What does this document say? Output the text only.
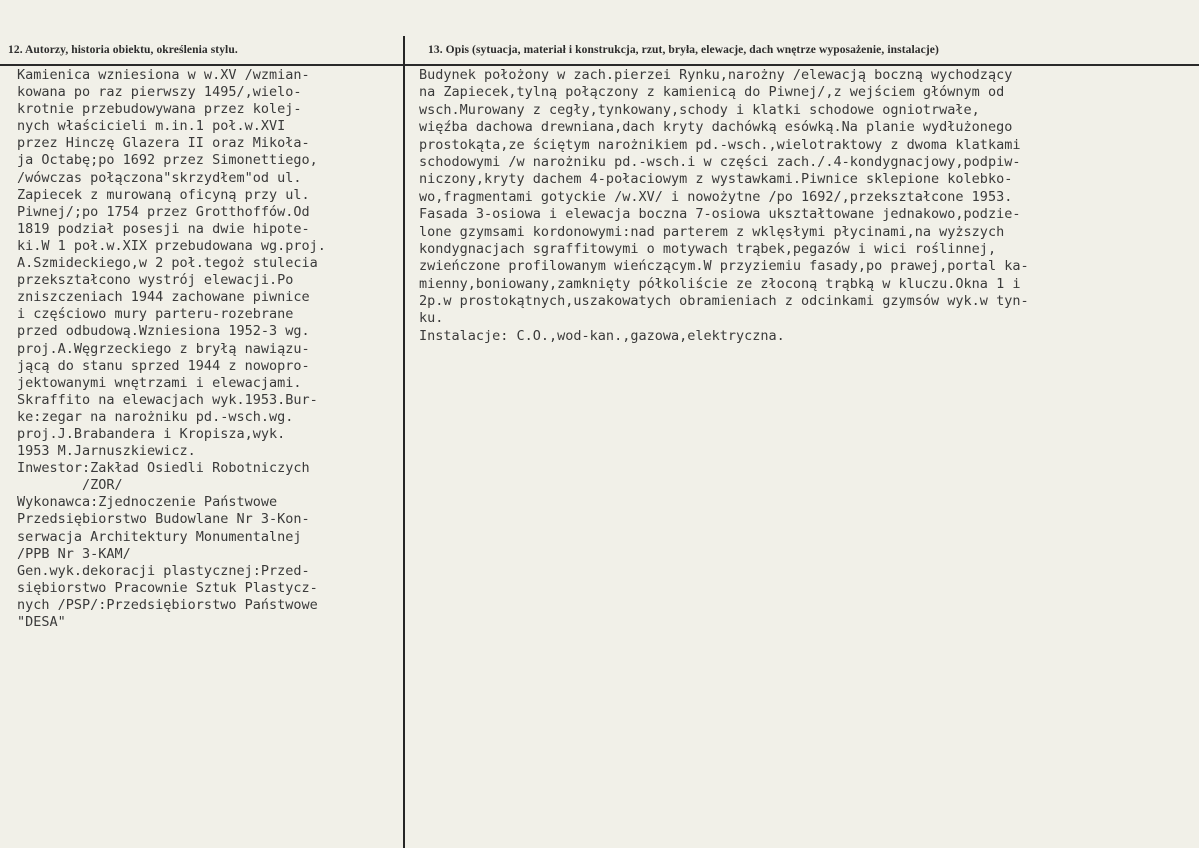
12. Autorzy, historia obiektu, określenia stylu.	13. Opis (sytuacja, materiał i konstrukcja, rzut, bryła, elewacje, dach wnętrze wyposażenie, instalacje)
Kamienica wzniesiona w w.XV /wzmian-
kowana po raz pierwszy 1495/,wielo-
krotnie przebudowywana przez kolej-
nych właścicieli m.in.1 poł.w.XVI
przez Hinczę Glazera II oraz Mikoła-
ja Octabę;po 1692 przez Simonettiego,
/wówczas połączona"skrzydłem"od ul.
Zapiecek z murowaną oficyną przy ul.
Piwnej/;po 1754 przez Grotthoffów.Od
1819 podział posesji na dwie hipote-
ki.W 1 poł.w.XIX przebudowana wg.proj.
A.Szmideckiego,w 2 poł.tegoż stulecia
przekształcono wystrój elewacji.Po
zniszczeniach 1944 zachowane piwnice
i częściowo mury parteru-rozebrane
przed odbudową.Wzniesiona 1952-3 wg.
proj.A.Węgrzeckiego z bryłą nawiązu-
jącą do stanu sprzed 1944 z nowopro-
jektowanymi wnętrzami i elewacjami.
Skraffito na elewacjach wyk.1953.Bur-
ke:zegar na narożniku pd.-wsch.wg.
proj.J.Brabandera i Kropisza,wyk.
1953 M.Jarnuszkiewicz.
Inwestor:Zakład Osiedli Robotniczych
/ZOR/
Wykonawca:Zjednoczenie Państwowe
Przedsiębiorstwo Budowlane Nr 3-Kon-
serwacja Architektury Monumentalnej
/PPB Nr 3-KAM/
Gen.wyk.dekoracji plastycznej:Przed-
siębiorstwo Pracownie Sztuk Plastycz-
nych /PSP/:Przedsiębiorstwo Państwowe
"DESA"
Budynek położony w zach.pierzei Rynku,narożny /elewacją boczną wychodzący
na Zapiecek,tylną połączony z kamienicą do Piwnej/,z wejściem głównym od
wsch.Murowany z cegły,tynkowany,schody i klatki schodowe ogniotrwałe,
więźba dachowa drewniana,dach kryty dachówką esówką.Na planie wydłużonego
prostokąta,ze ściętym narożnikiem pd.-wsch.,wielotraktowy z dwoma klatkami
schodowymi /w narożniku pd.-wsch.i w części zach./.4-kondygnacjowy,podpiw-
niczony,kryty dachem 4-połaciowym z wystawkami.Piwnice sklepione kolebko-
wo,fragmentami gotyckie /w.XV/ i nowożytne /po 1692/,przekształcone 1953.
Fasada 3-osiowa i elewacja boczna 7-osiowa ukształtowane jednakowo,podzie-
lone gzymsami kordonowymi:nad parterem z wklęsłymi płycinami,na wyższych
kondygnacjach sgraffitowymi o motywach trąbek,pegazów i wici roślinnej,
zwieńczone profilowanym wieńczącym.W przyziemiu fasady,po prawej,portal ka-
mienny,boniowany,zamknięty półkoliście ze złoconą trąbką w kluczu.Okna 1 i
2p.w prostokątnych,uszakowatych obramieniach z odcinkami gzymsów wyk.w tyn-
ku.
Instalacje: C.O.,wod-kan.,gazowa,elektryczna.
